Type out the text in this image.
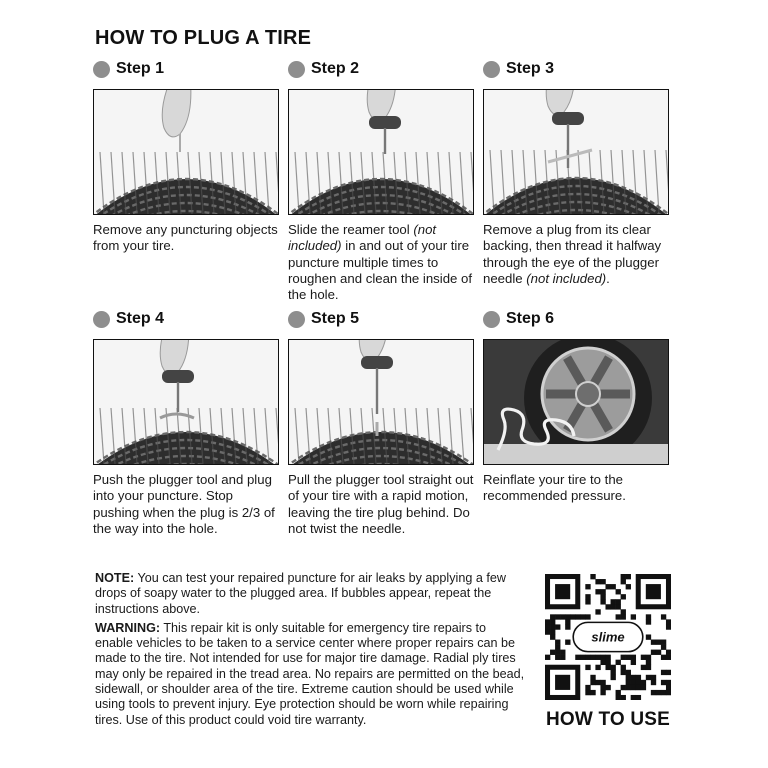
HOW TO PLUG A TIRE
Step 1
Remove any puncturing objects from your tire.
Step 2
Slide the reamer tool (not included) in and out of your tire puncture multiple times to roughen and clean the inside of the hole.
Step 3
Remove a plug from its clear backing, then thread it halfway through the eye of the plugger needle (not included).
Step 4
Push the plugger tool and plug into your puncture. Stop pushing when the plug is 2/3 of the way into the hole.
Step 5
Pull the plugger tool straight out of your tire with a rapid motion, leaving the tire plug behind. Do not twist the needle.
Step 6
Reinflate your tire to the recommended pressure.

NOTE: You can test your repaired puncture for air leaks by applying a few drops of soapy water to the plugged area. If bubbles appear, repeat the instructions above.

WARNING: This repair kit is only suitable for emergency tire repairs to enable vehicles to be taken to a service center where proper repairs can be made to the tire. Not intended for use for major tire damage. Radial ply tires may only be repaired in the tread area. No repairs are permitted on the bead, sidewall, or shoulder area of the tire. Extreme caution should be used while using tools to prevent injury. Eye protection should be worn while repairing tires. Use of this product could void tire warranty.

slime
HOW TO USE
